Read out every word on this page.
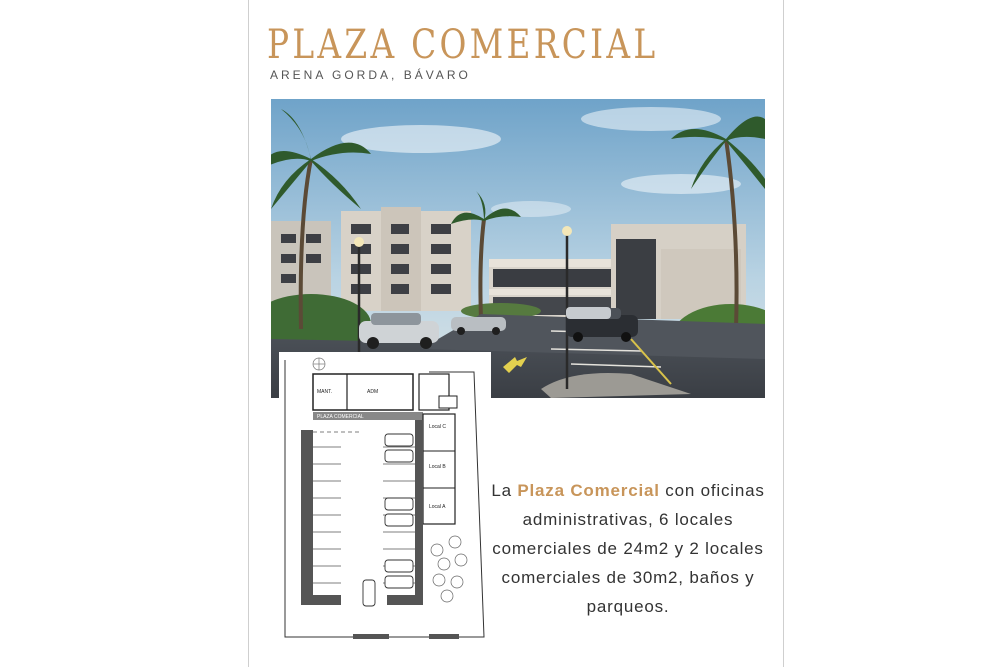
PLAZA COMERCIAL

ARENA GORDA, BÁVARO

MANT.	ADM
PLAZA COMERCIAL
Local C
Local B
Local A
La Plaza Comercial con oficinas administrativas, 6 locales comerciales de 24m2 y 2 locales comerciales de 30m2, baños y parqueos.
